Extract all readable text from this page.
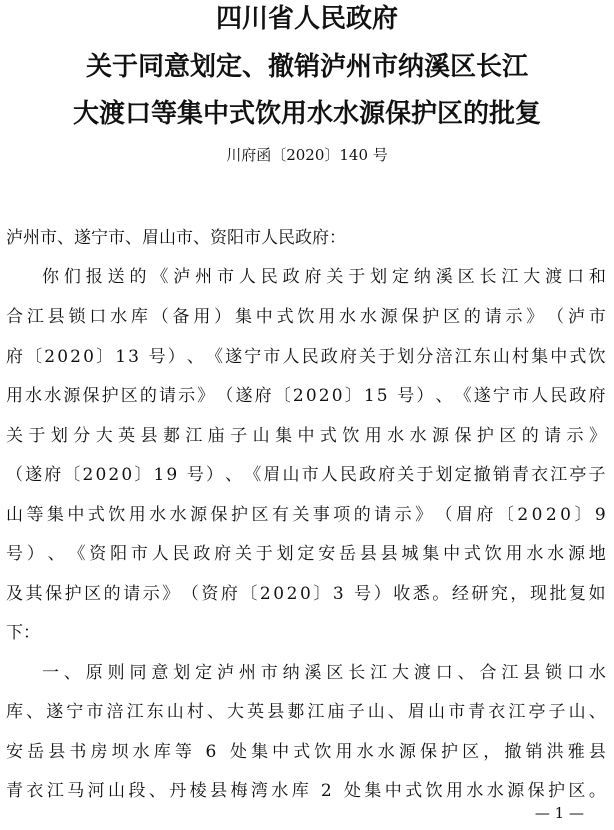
四川省人民政府
关于同意划定、撤销泸州市纳溪区长江
大渡口等集中式饮用水水源保护区的批复
川府函〔2020〕140 号
泸州市、遂宁市、眉山市、资阳市人民政府：
你 们 报 送 的 《 泸 州 市 人 民 政 府 关 于 划 定 纳 溪 区 长 江 大 渡 口 和
合 江 县 锁 口 水 库 （ 备 用 ） 集 中 式 饮 用 水 水 源 保 护 区 的 请 示 》 （ 泸 市
府 〔 2 0 2 0 〕 1 3
号 ） 、 《 遂 宁 市 人 民 政 府 关 于 划 分 涪 江 东 山 村 集 中 式 饮
用 水 水 源 保 护 区 的 请 示 》 （ 遂 府 〔 2 0 2 0 〕 1 5
号 ） 、 《 遂 宁 市 人 民 政 府
关 于 划 分 大 英 县 郪 江 庙 子 山 集 中 式 饮 用 水 水 源 保 护 区 的 请 示 》
（ 遂 府 〔 2 0 2 0 〕 1 9
号 ） 、 《 眉 山 市 人 民 政 府 关 于 划 定 撤 销 青 衣 江 亭 子
山 等 集 中 式 饮 用 水 水 源 保 护 区 有 关 事 项 的 请 示 》 （ 眉 府 〔 2 0 2 0 〕 9
号 ） 、 《 资 阳 市 人 民 政 府 关 于 划 定 安 岳 县 县 城 集 中 式 饮 用 水 水 源 地
及 其 保 护 区 的 请 示 》 （ 资 府 〔 2 0 2 0 〕 3
号 ） 收 悉 。 经 研 究 ， 现 批 复 如
下：
一 、 原 则 同 意 划 定 泸 州 市 纳 溪 区 长 江 大 渡 口 、 合 江 县 锁 口 水
库 、 遂 宁 市 涪 江 东 山 村 、 大 英 县 郪 江 庙 子 山 、 眉 山 市 青 衣 江 亭 子 山 、
安 岳 县 书 房 坝 水 库 等
6
处 集 中 式 饮 用 水 水 源 保 护 区 ， 撤 销 洪 雅 县
青 衣 江 马 河 山 段 、 丹 棱 县 梅 湾 水 库
2
处 集 中 式 饮 用 水 水 源 保 护 区 。
— 1 —
